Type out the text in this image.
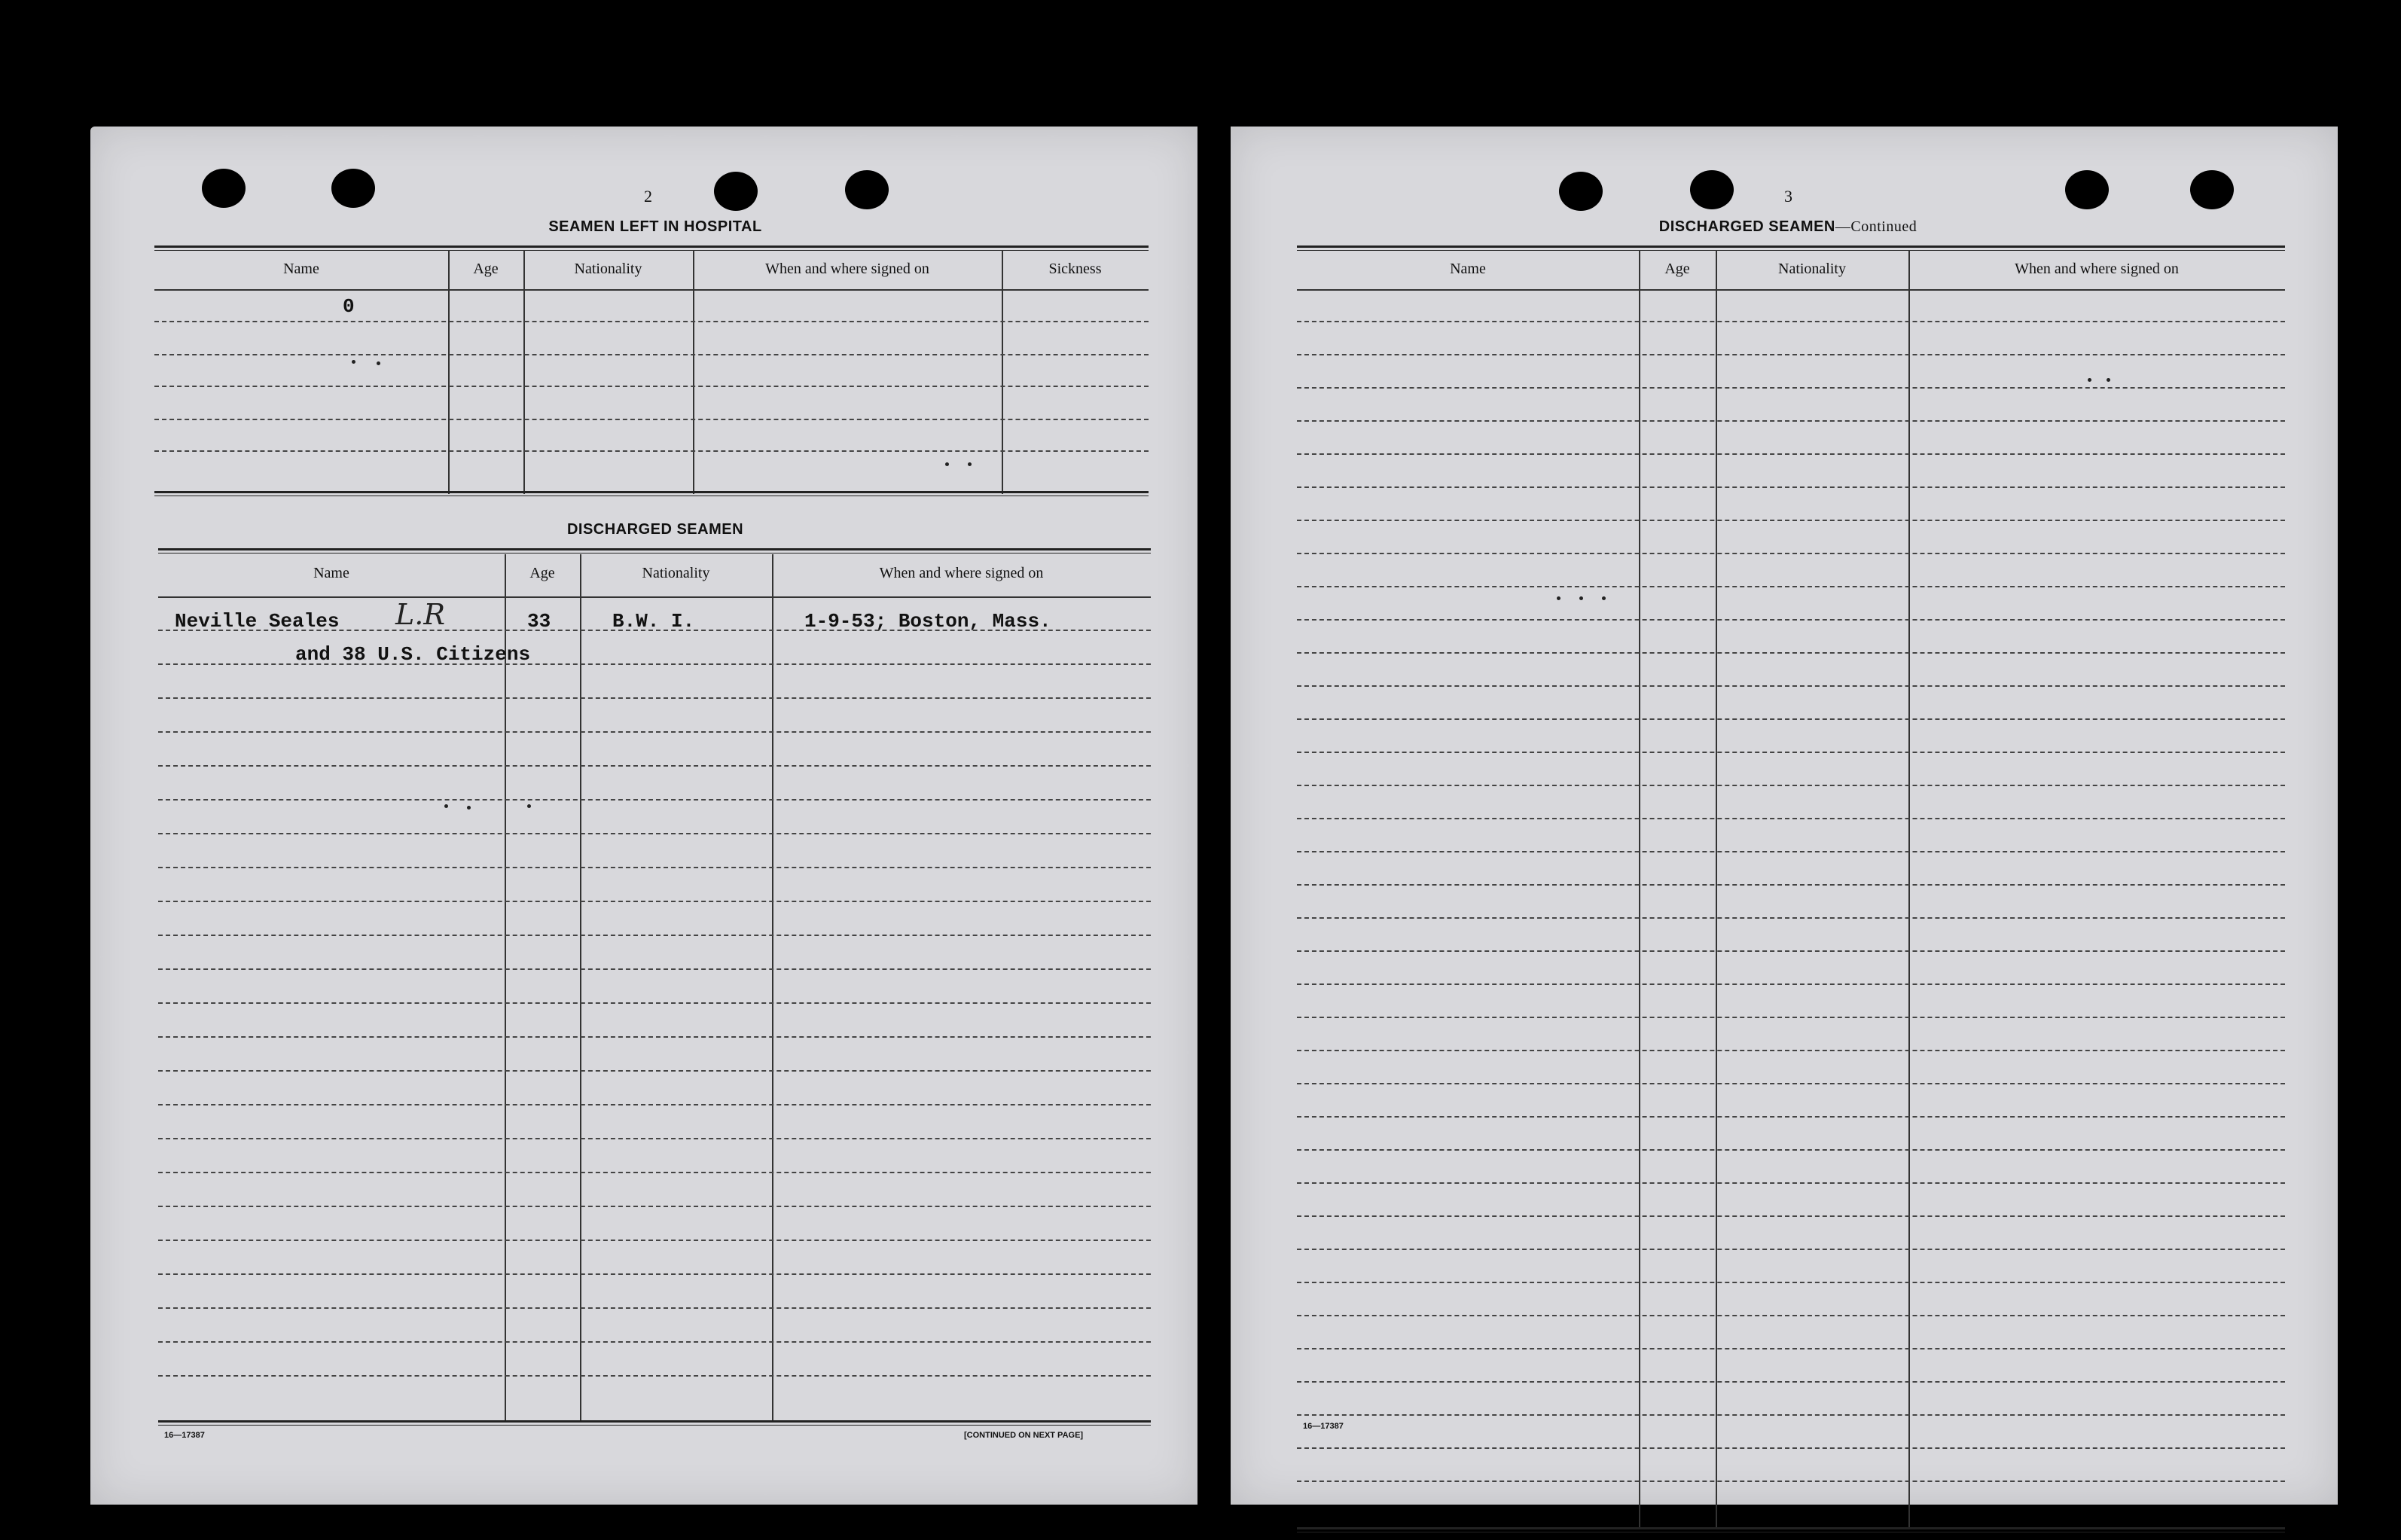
2
SEAMEN LEFT IN HOSPITAL
Name	Age	Nationality	When and where signed on	Sickness
0
DISCHARGED SEAMEN
Name	Age	Nationality	When and where signed on
Neville Seales L.R	33	B.W. I.	1-9-53; Boston, Mass.
and 38 U.S. Citizens
16—17387	[CONTINUED ON NEXT PAGE]
3
DISCHARGED SEAMEN—Continued
Name	Age	Nationality	When and where signed on
16—17387
